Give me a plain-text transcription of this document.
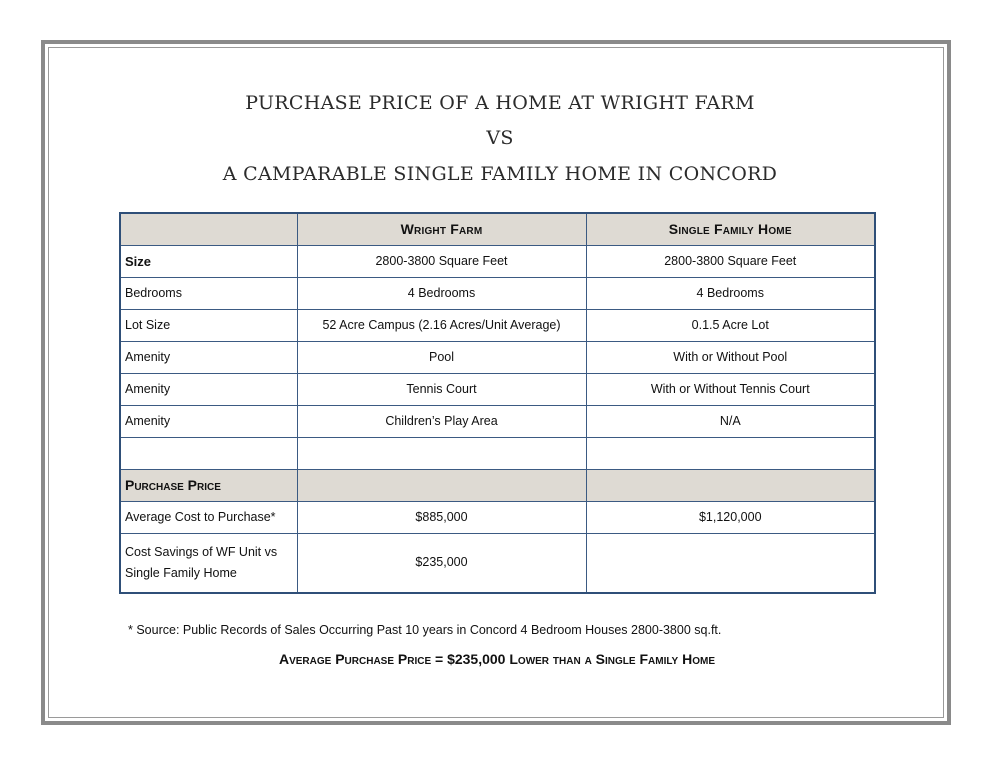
PURCHASE PRICE OF A HOME AT WRIGHT FARM
VS
A CAMPARABLE SINGLE FAMILY HOME IN CONCORD
	Wright Farm	Single Family Home
Size	2800-3800 Square Feet	2800-3800 Square Feet
Bedrooms	4 Bedrooms	4 Bedrooms
Lot Size	52 Acre Campus (2.16 Acres/Unit Average)	0.1.5 Acre Lot
Amenity	Pool	With or Without Pool
Amenity	Tennis Court	With or Without Tennis Court
Amenity	Children’s Play Area	N/A

Purchase Price		
Average Cost to Purchase*	$885,000	$1,120,000
Cost Savings of WF Unit vs Single Family Home	$235,000	
* Source: Public Records of Sales Occurring Past 10 years in Concord 4 Bedroom Houses 2800-3800 sq.ft.
Average Purchase Price = $235,000 Lower than a Single Family Home
